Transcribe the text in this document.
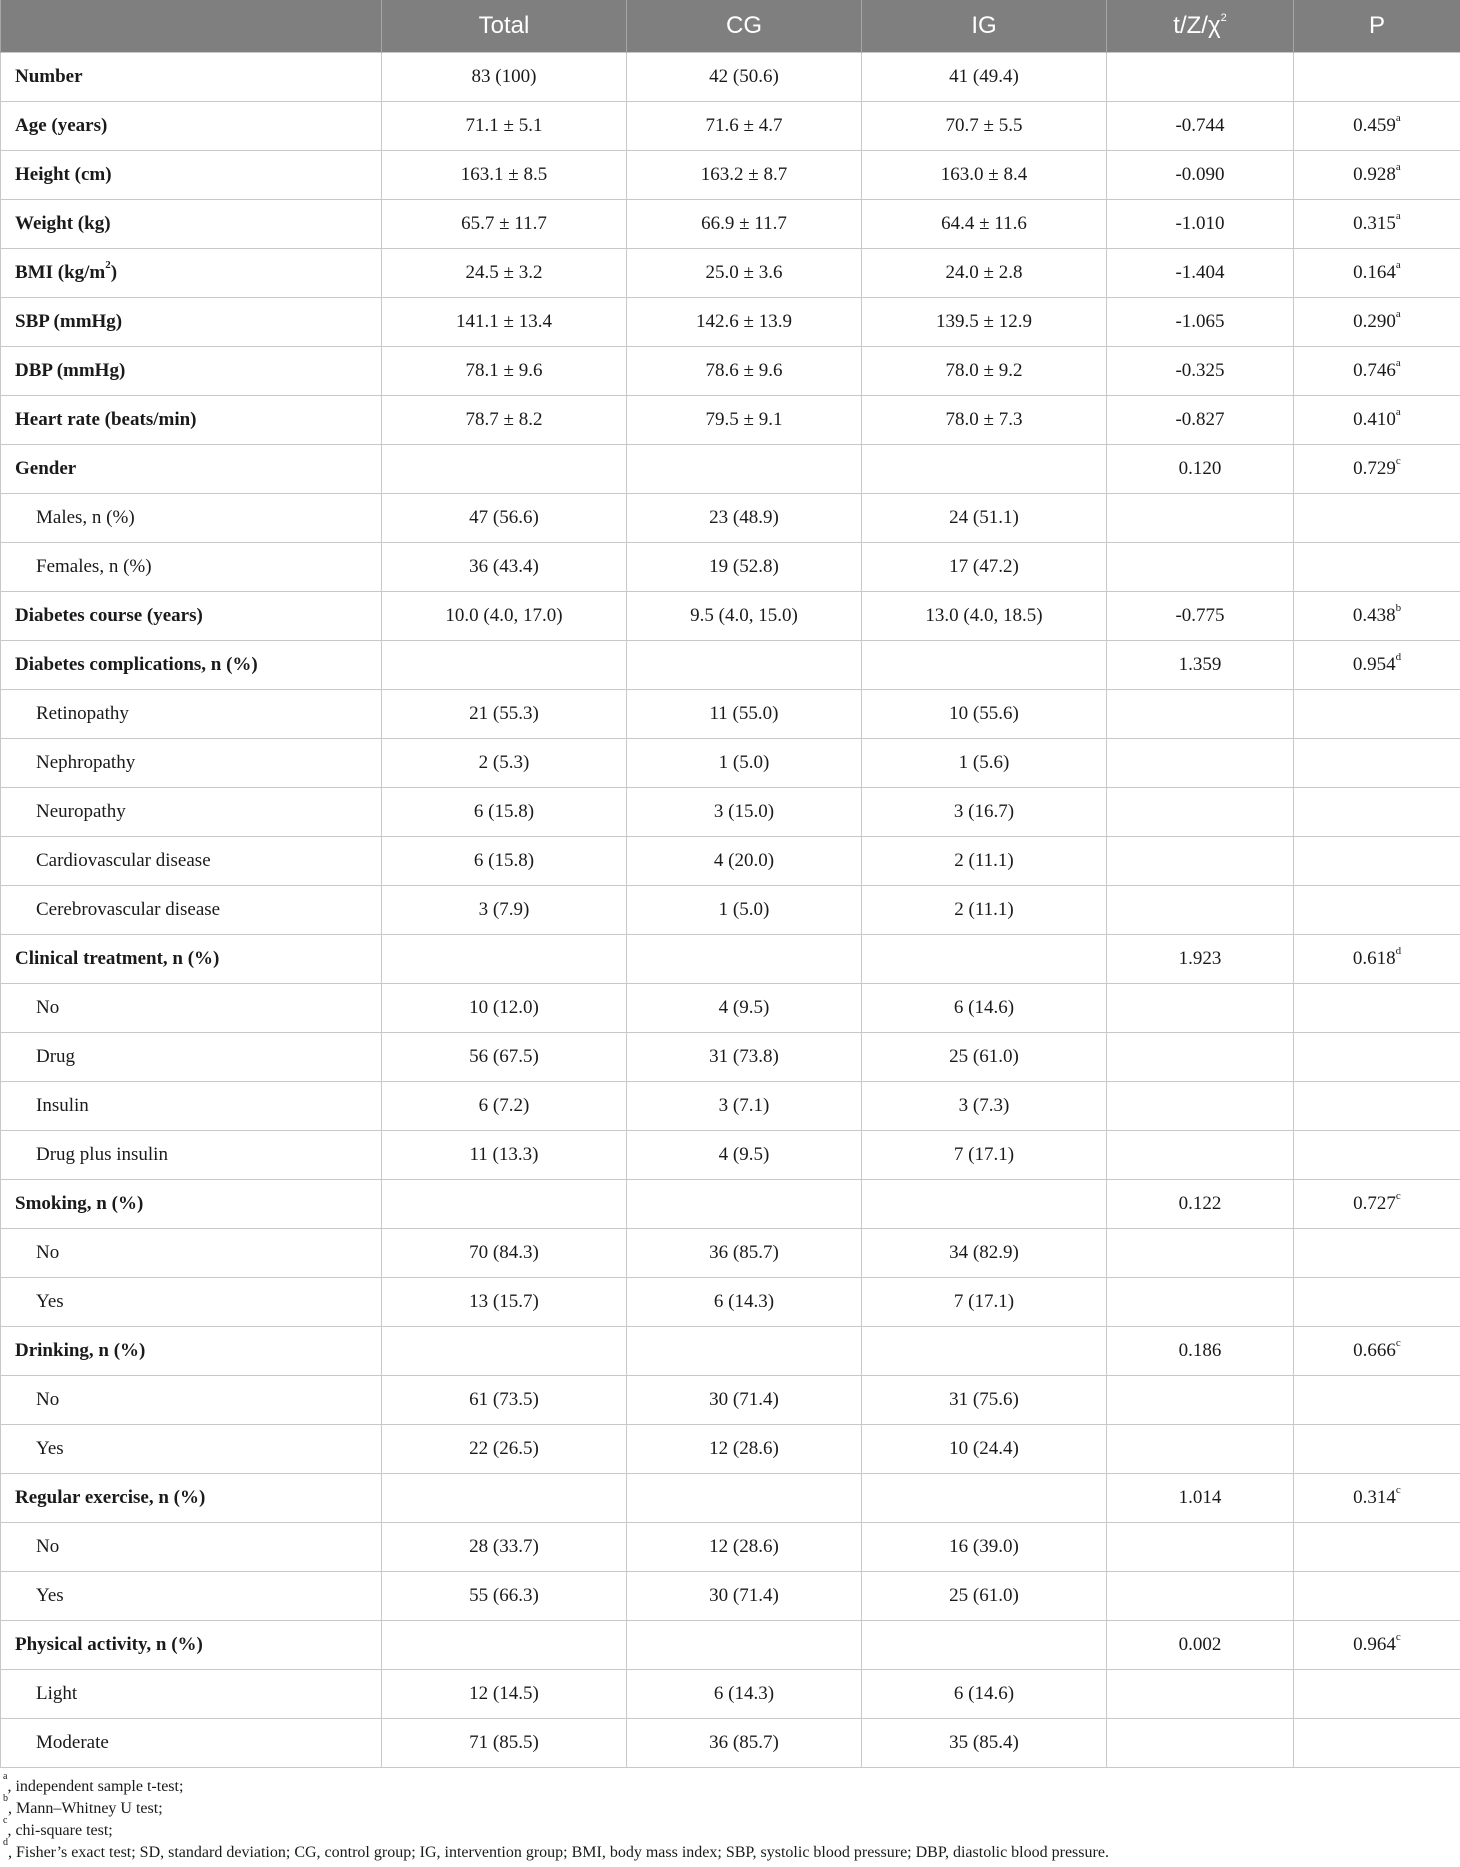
	Total	CG	IG	$t/Z/\chi^2$	P
Number	83 (100)	42 (50.6)	41 (49.4)		
Age (years)	71.1 ± 5.1	71.6 ± 4.7	70.7 ± 5.5	-0.744	0.459$^a$
Height (cm)	163.1 ± 8.5	163.2 ± 8.7	163.0 ± 8.4	-0.090	0.928$^a$
Weight (kg)	65.7 ± 11.7	66.9 ± 11.7	64.4 ± 11.6	-1.010	0.315$^a$
BMI $(kg/m^2)$	24.5 ± 3.2	25.0 ± 3.6	24.0 ± 2.8	-1.404	0.164$^a$
SBP (mmHg)	141.1 ± 13.4	142.6 ± 13.9	139.5 ± 12.9	-1.065	0.290$^a$
DBP (mmHg)	78.1 ± 9.6	78.6 ± 9.6	78.0 ± 9.2	-0.325	0.746$^a$
Heart rate (beats/min)	78.7 ± 8.2	79.5 ± 9.1	78.0 ± 7.3	-0.827	0.410$^a$
Gender				0.120	0.729$^c$
Males, n (%)	47 (56.6)	23 (48.9)	24 (51.1)		
Females, n (%)	36 (43.4)	19 (52.8)	17 (47.2)		
Diabetes course (years)	10.0 (4.0, 17.0)	9.5 (4.0, 15.0)	13.0 (4.0, 18.5)	-0.775	0.438$^b$
Diabetes complications, n (%)				1.359	0.954$^d$
Retinopathy	21 (55.3)	11 (55.0)	10 (55.6)		
Nephropathy	2 (5.3)	1 (5.0)	1 (5.6)		
Neuropathy	6 (15.8)	3 (15.0)	3 (16.7)		
Cardiovascular disease	6 (15.8)	4 (20.0)	2 (11.1)		
Cerebrovascular disease	3 (7.9)	1 (5.0)	2 (11.1)		
Clinical treatment, n (%)				1.923	0.618$^d$
No	10 (12.0)	4 (9.5)	6 (14.6)		
Drug	56 (67.5)	31 (73.8)	25 (61.0)		
Insulin	6 (7.2)	3 (7.1)	3 (7.3)		
Drug plus insulin	11 (13.3)	4 (9.5)	7 (17.1)		
Smoking, n (%)				0.122	0.727$^c$
No	70 (84.3)	36 (85.7)	34 (82.9)		
Yes	13 (15.7)	6 (14.3)	7 (17.1)		
Drinking, n (%)				0.186	0.666$^c$
No	61 (73.5)	30 (71.4)	31 (75.6)		
Yes	22 (26.5)	12 (28.6)	10 (24.4)		
Regular exercise, n (%)				1.014	0.314$^c$
No	28 (33.7)	12 (28.6)	16 (39.0)		
Yes	55 (66.3)	30 (71.4)	25 (61.0)		
Physical activity, n (%)				0.002	0.964$^c$
Light	12 (14.5)	6 (14.3)	6 (14.6)		
Moderate	71 (85.5)	36 (85.7)	35 (85.4)		
$^a$, independent sample t-test;
$^b$, Mann–Whitney U test;
$^c$, chi-square test;
$^d$, Fisher’s exact test; SD, standard deviation; CG, control group; IG, intervention group; BMI, body mass index; SBP, systolic blood pressure; DBP, diastolic blood pressure.
